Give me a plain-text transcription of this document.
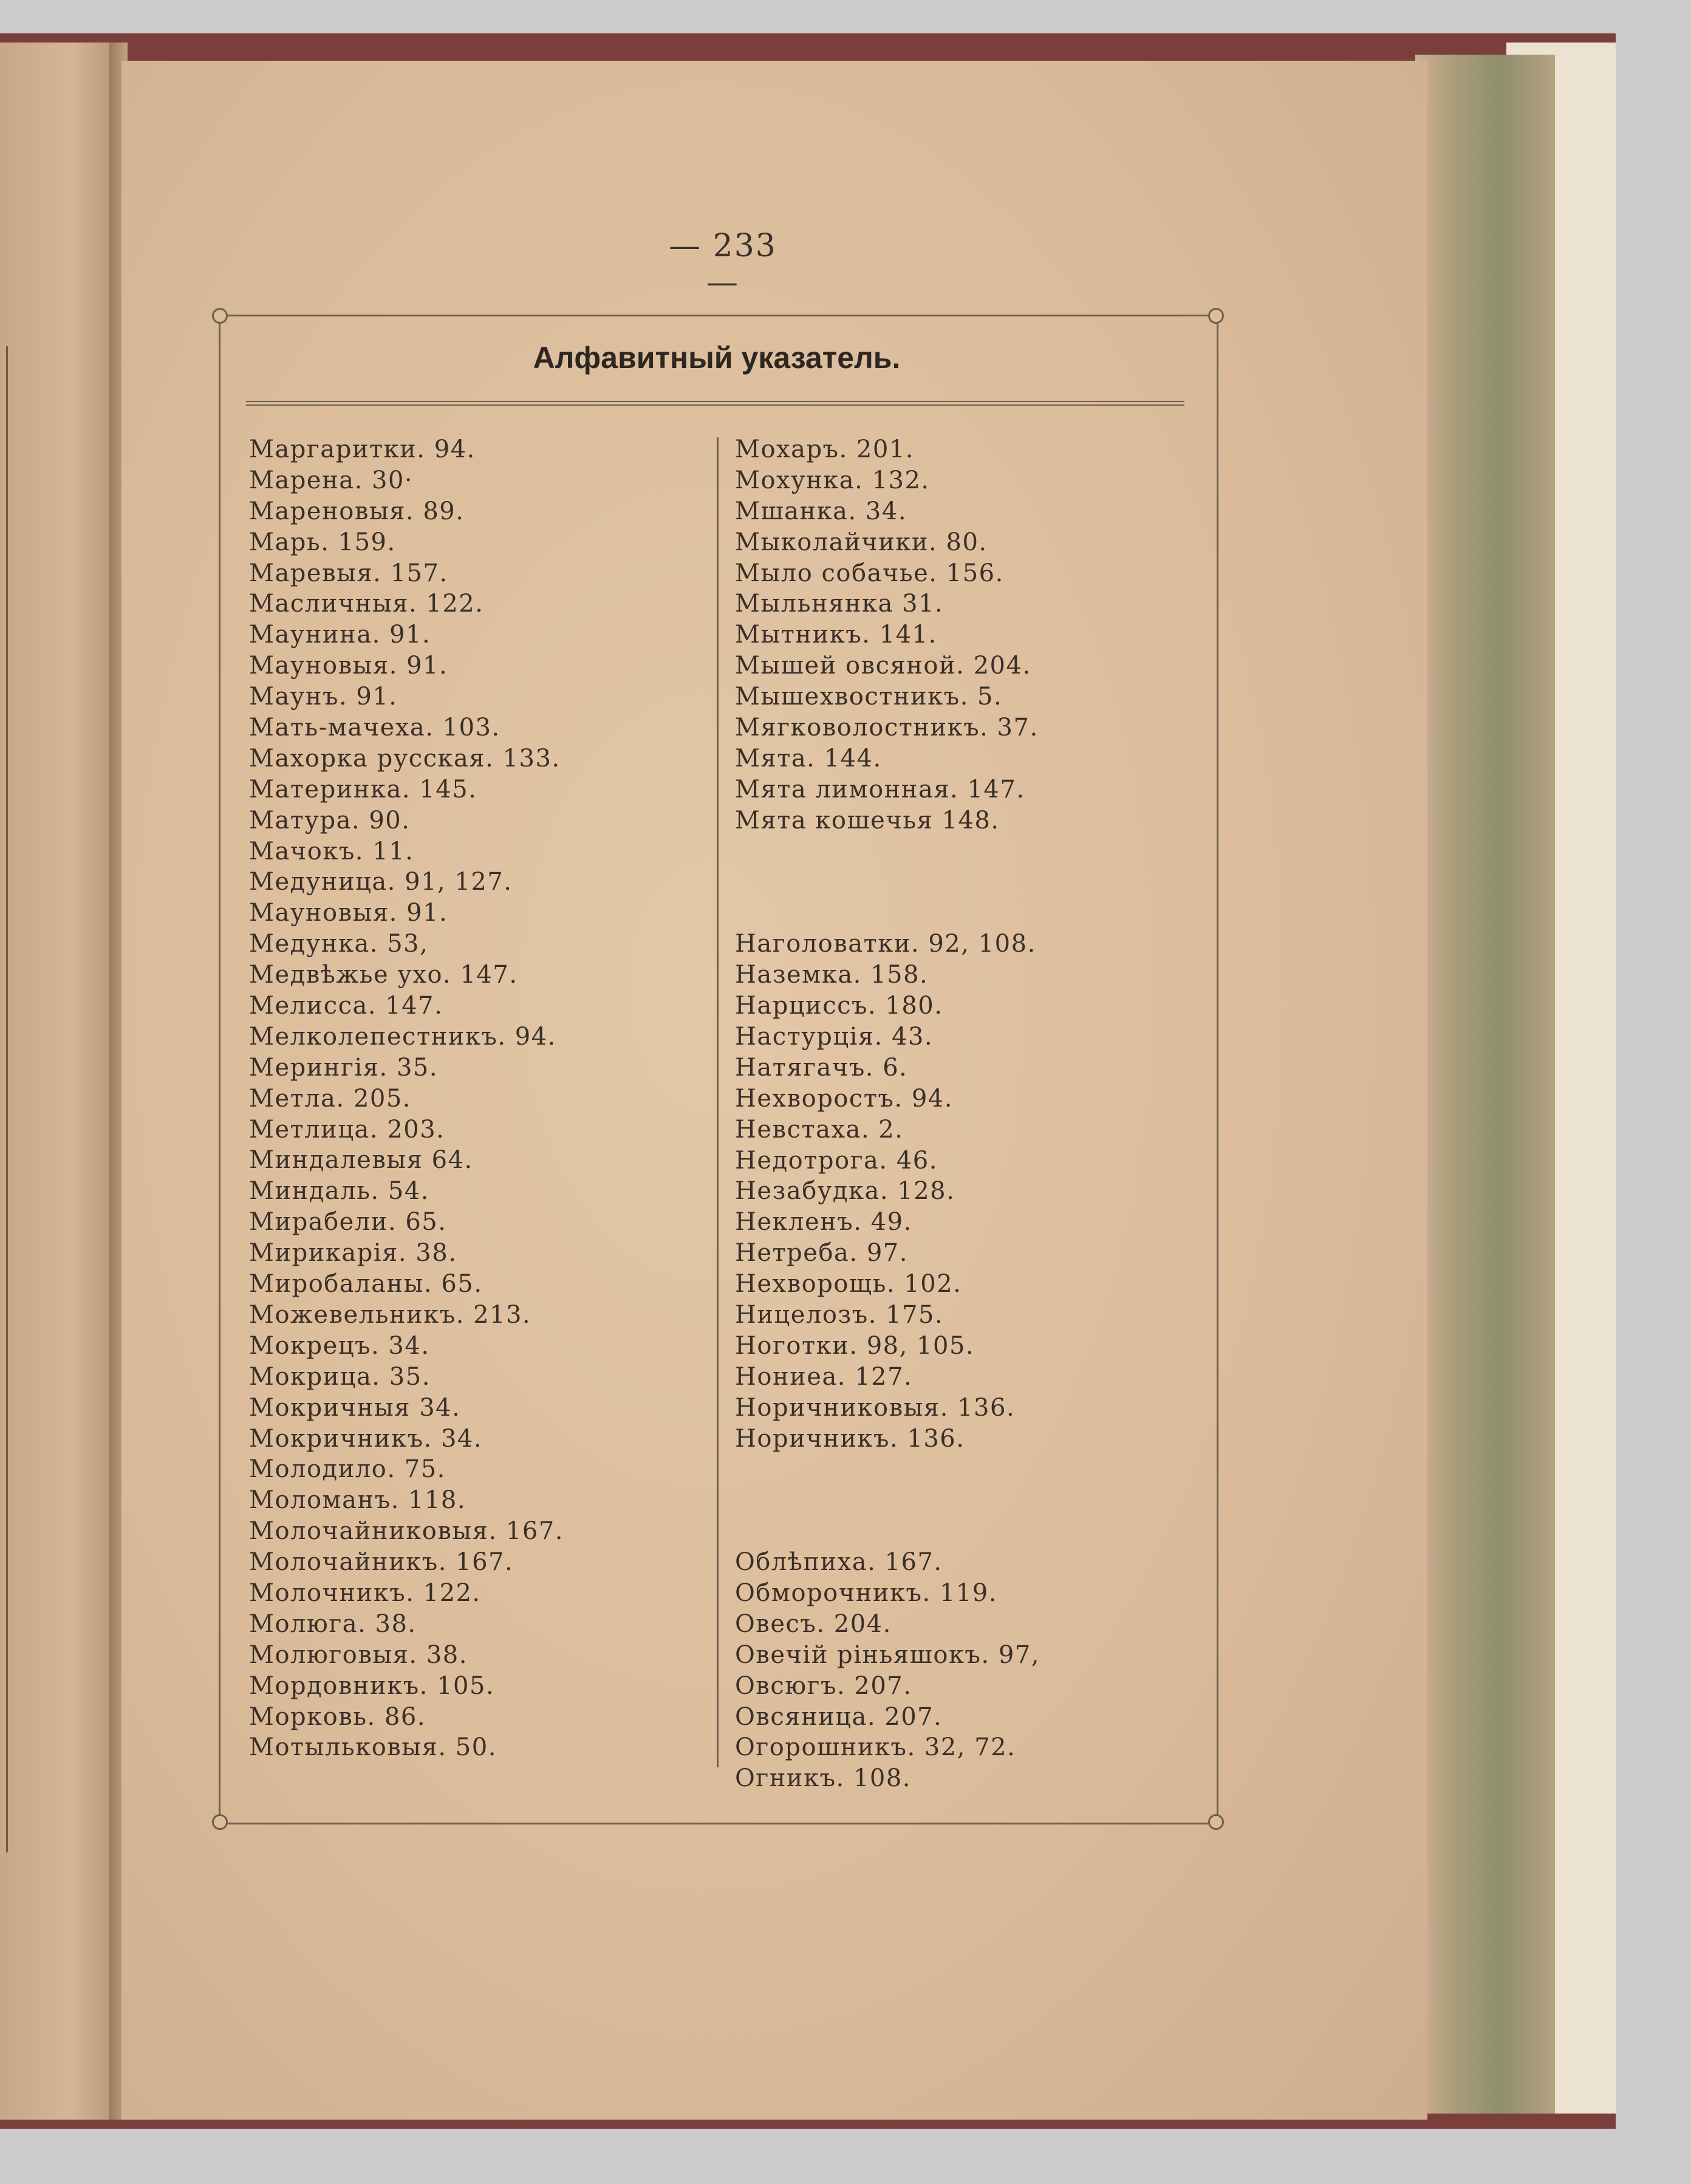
— 233 —
Алфавитный указатель.
Маргаритки. 94.
Марена. 30·
Мареновыя. 89.
Марь. 159.
Маревыя. 157.
Масличныя. 122.
Маунина. 91.
Мауновыя. 91.
Маунъ. 91.
Мать-мачеха. 103.
Махорка русская. 133.
Материнка. 145.
Матура. 90.
Мачокъ. 11.
Медуница. 91, 127.
Мауновыя. 91.
Медунка. 53,
Медвѣжье ухо. 147.
Мелисса. 147.
Мелколепестникъ. 94.
Мерингія. 35.
Метла. 205.
Метлица. 203.
Миндалевыя 64.
Миндаль. 54.
Мирабели. 65.
Мирикарія. 38.
Миробаланы. 65.
Можевельникъ. 213.
Мокрецъ. 34.
Мокрица. 35.
Мокричныя 34.
Мокричникъ. 34.
Молодило. 75.
Моломанъ. 118.
Молочайниковыя. 167.
Молочайникъ. 167.
Молочникъ. 122.
Молюга. 38.
Молюговыя. 38.
Мордовникъ. 105.
Морковь. 86.
Мотыльковыя. 50.
Мохаръ. 201.
Мохунка. 132.
Мшанка. 34.
Мыколайчики. 80.
Мыло собачье. 156.
Мыльнянка 31.
Мытникъ. 141.
Мышей овсяной. 204.
Мышехвостникъ. 5.
Мягковолостникъ. 37.
Мята. 144.
Мята лимонная. 147.
Мята кошечья 148.
Наголоватки. 92, 108.
Наземка. 158.
Нарциссъ. 180.
Настурція. 43.
Натягачъ. 6.
Нехворостъ. 94.
Невстаха. 2.
Недотрога. 46.
Незабудка. 128.
Некленъ. 49.
Нетреба. 97.
Нехворощь. 102.
Ницелозъ. 175.
Ноготки. 98, 105.
Нониеа. 127.
Норичниковыя. 136.
Норичникъ. 136.
Облѣпиха. 167.
Обморочникъ. 119.
Овесъ. 204.
Овечій ріньяшокъ. 97,
Овсюгъ. 207.
Овсяница. 207.
Огорошникъ. 32, 72.
Огникъ. 108.
